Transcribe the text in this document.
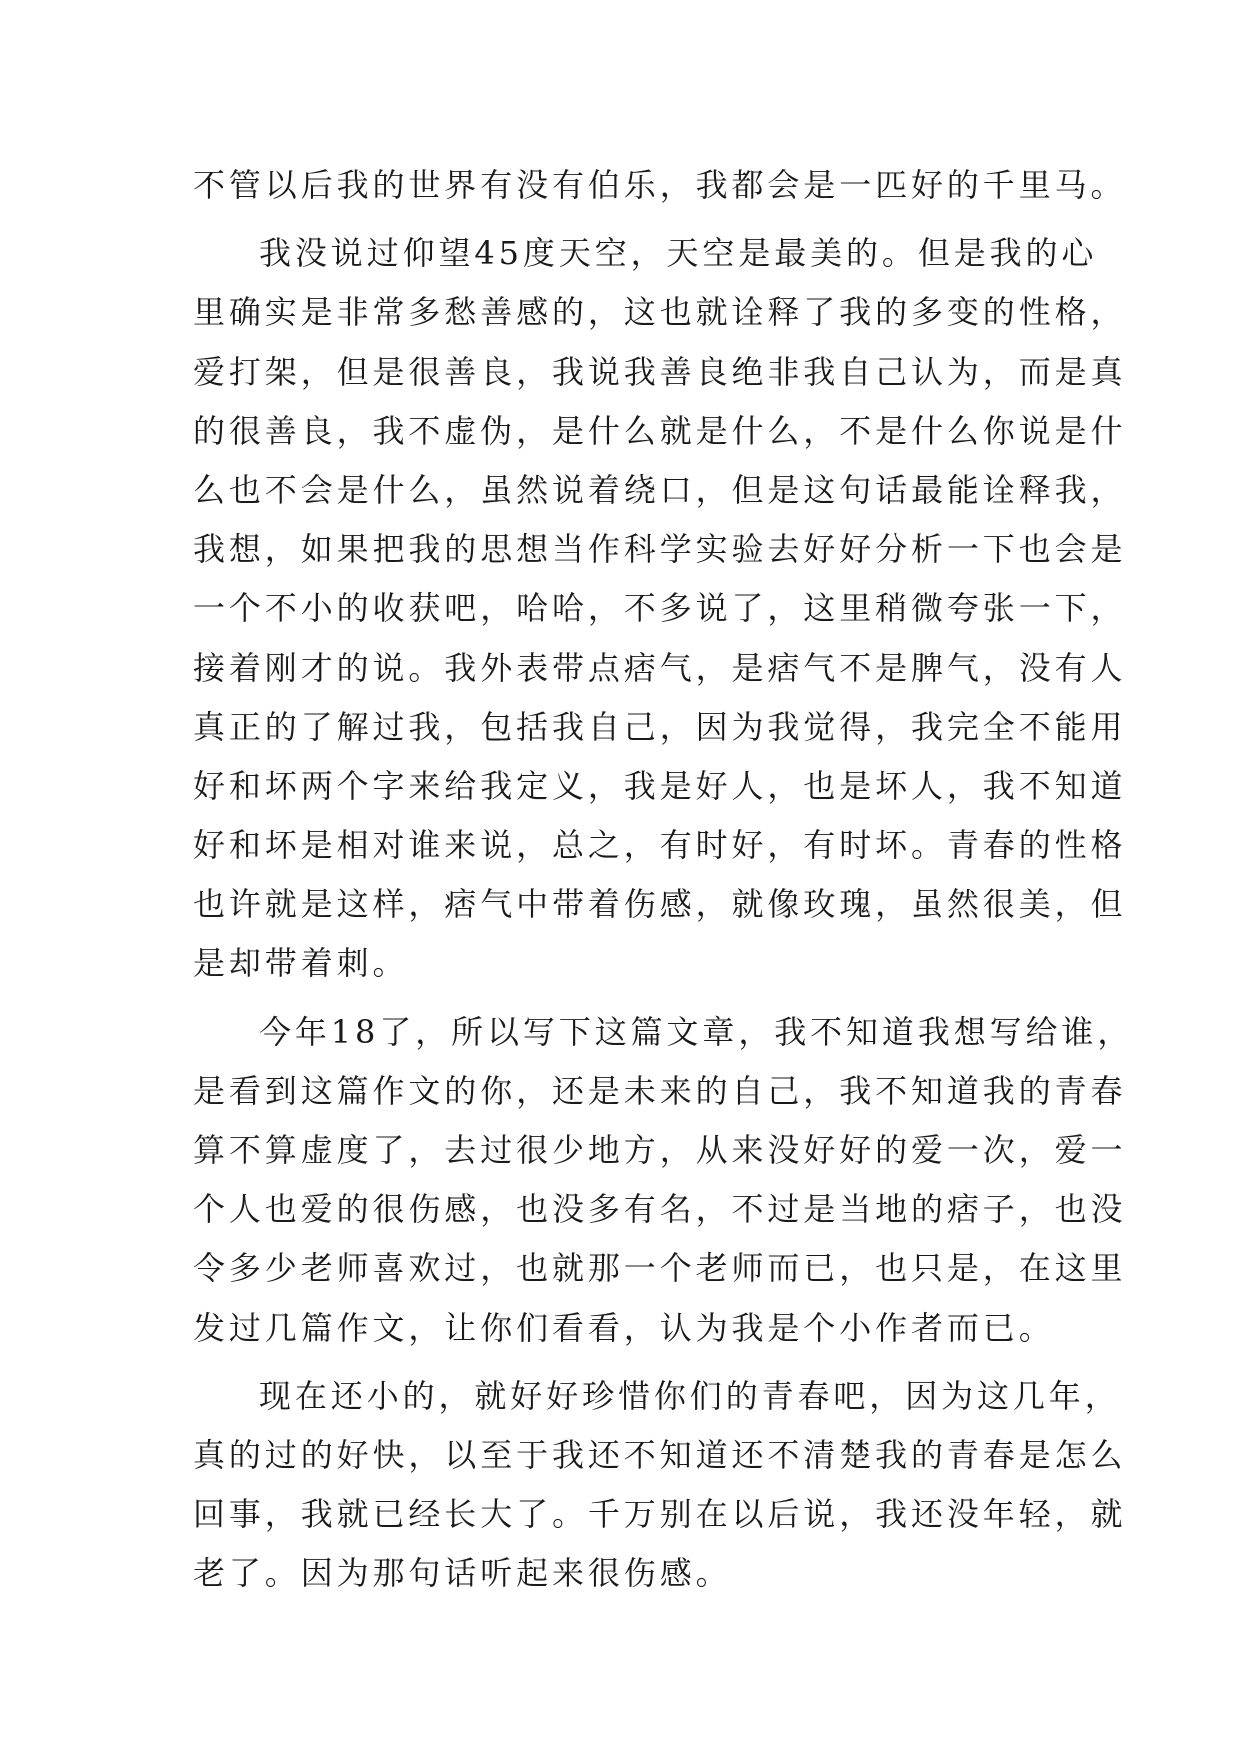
不管以后我的世界有没有伯乐，我都会是一匹好的千里马。
我没说过仰望45度天空，天空是最美的。但是我的心
里确实是非常多愁善感的，这也就诠释了我的多变的性格，
爱打架，但是很善良，我说我善良绝非我自己认为，而是真
的很善良，我不虚伪，是什么就是什么，不是什么你说是什
么也不会是什么，虽然说着绕口，但是这句话最能诠释我，
我想，如果把我的思想当作科学实验去好好分析一下也会是
一个不小的收获吧，哈哈，不多说了，这里稍微夸张一下，
接着刚才的说。我外表带点痞气，是痞气不是脾气，没有人
真正的了解过我，包括我自己，因为我觉得，我完全不能用
好和坏两个字来给我定义，我是好人，也是坏人，我不知道
好和坏是相对谁来说，总之，有时好，有时坏。青春的性格
也许就是这样，痞气中带着伤感，就像玫瑰，虽然很美，但
是却带着刺。
今年18了，所以写下这篇文章，我不知道我想写给谁，
是看到这篇作文的你，还是未来的自己，我不知道我的青春
算不算虚度了，去过很少地方，从来没好好的爱一次，爱一
个人也爱的很伤感，也没多有名，不过是当地的痞子，也没
令多少老师喜欢过，也就那一个老师而已，也只是，在这里
发过几篇作文，让你们看看，认为我是个小作者而已。
现在还小的，就好好珍惜你们的青春吧，因为这几年，
真的过的好快，以至于我还不知道还不清楚我的青春是怎么
回事，我就已经长大了。千万别在以后说，我还没年轻，就
老了。因为那句话听起来很伤感。
